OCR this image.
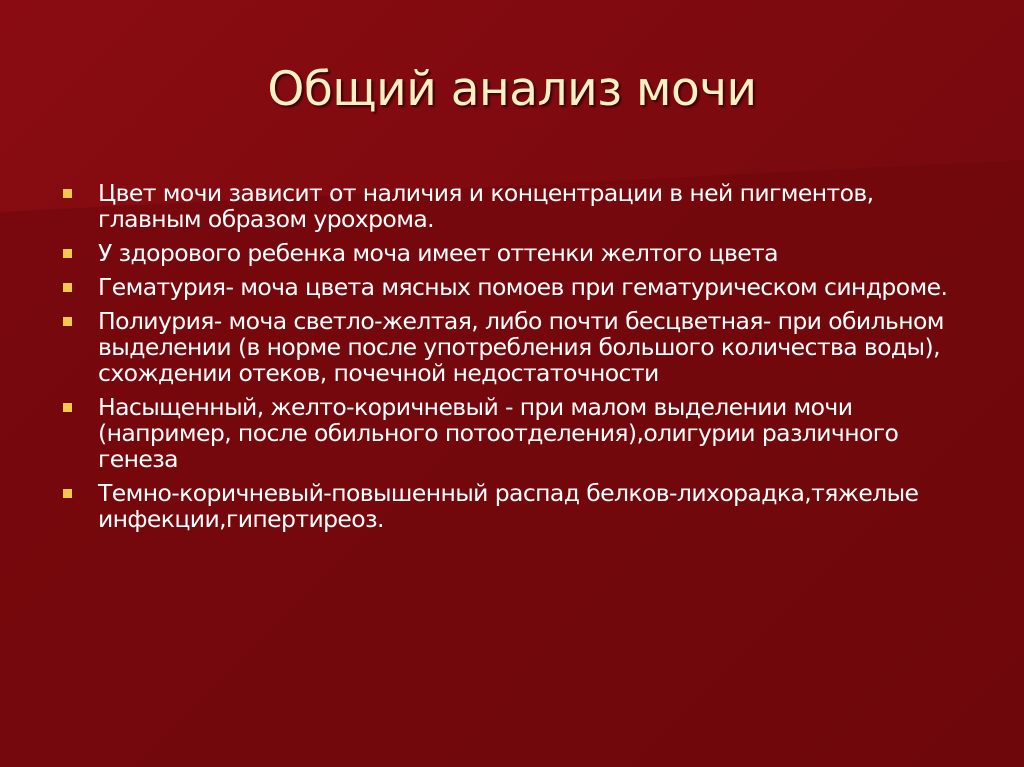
Общий анализ мочи
Цвет мочи зависит от наличия и концентрации в ней пигментов, главным образом урохрома.
У здорового ребенка моча имеет оттенки желтого цвета
Гематурия- моча цвета мясных помоев при гематурическом синдроме.
Полиурия- моча светло-желтая, либо почти бесцветная- при обильном выделении (в норме после употребления большого количества воды), схождении отеков, почечной недостаточности
Насыщенный, желто-коричневый - при малом выделении мочи (например, после обильного потоотделения),олигурии различного генеза
Темно-коричневый-повышенный распад белков-лихорадка,тяжелые инфекции,гипертиреоз.
